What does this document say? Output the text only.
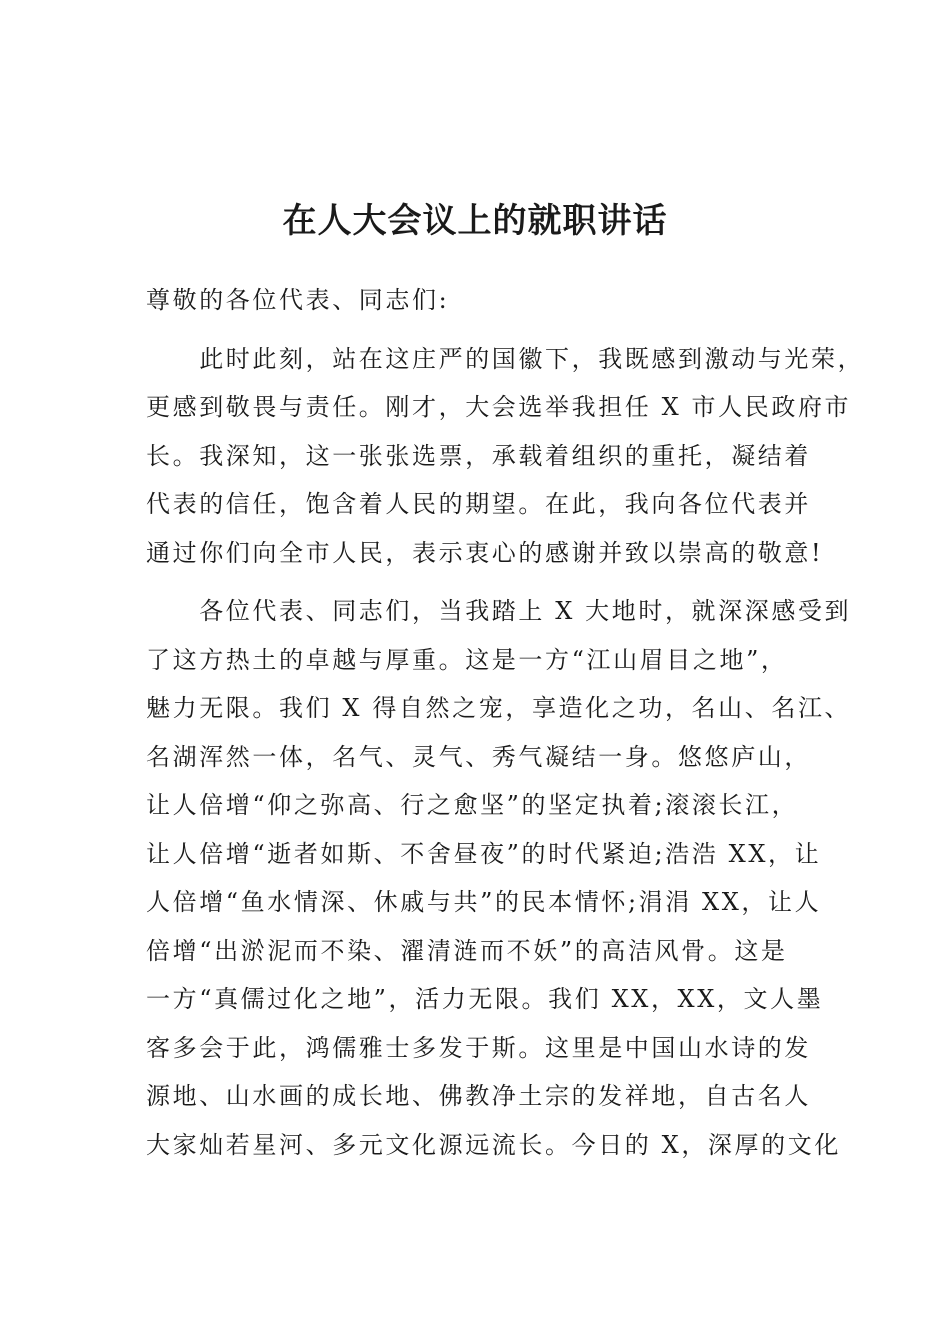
在人大会议上的就职讲话
尊敬的各位代表、同志们:
　　此时此刻，站在这庄严的国徽下，我既感到激动与光荣，
更感到敬畏与责任。刚才，大会选举我担任 X 市人民政府市
长。我深知，这一张张选票，承载着组织的重托，凝结着
代表的信任，饱含着人民的期望。在此，我向各位代表并
通过你们向全市人民，表示衷心的感谢并致以崇高的敬意!
　　各位代表、同志们，当我踏上 X 大地时，就深深感受到
了这方热土的卓越与厚重。这是一方“江山眉目之地”，
魅力无限。我们 X 得自然之宠，享造化之功，名山、名江、
名湖浑然一体，名气、灵气、秀气凝结一身。悠悠庐山，
让人倍增“仰之弥高、行之愈坚”的坚定执着;滚滚长江，
让人倍增“逝者如斯、不舍昼夜”的时代紧迫;浩浩 XX，让
人倍增“鱼水情深、休戚与共”的民本情怀;涓涓 XX，让人
倍增“出淤泥而不染、濯清涟而不妖”的高洁风骨。这是
一方“真儒过化之地”，活力无限。我们 XX，XX，文人墨
客多会于此，鸿儒雅士多发于斯。这里是中国山水诗的发
源地、山水画的成长地、佛教净土宗的发祥地，自古名人
大家灿若星河、多元文化源远流长。今日的 X，深厚的文化
